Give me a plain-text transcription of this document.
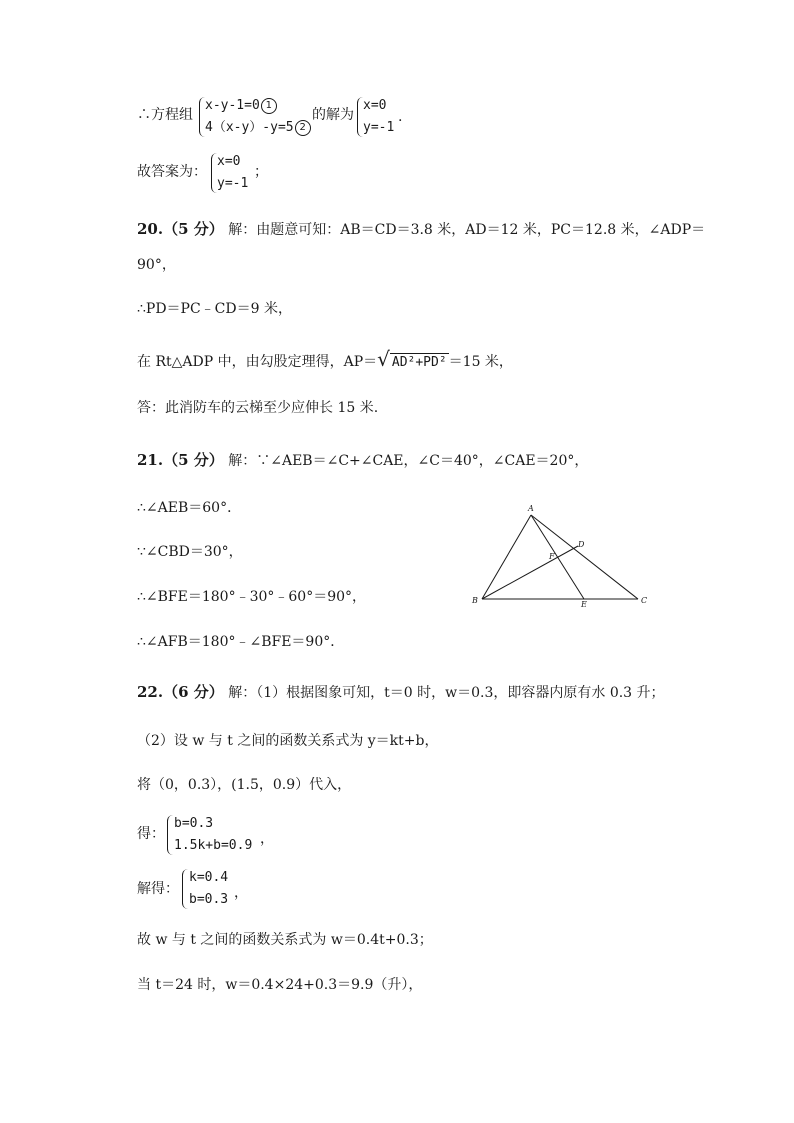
∴方程组
x-y-1=0 1
4（x-y）-y=5 2
的解为
x=0
y=-1
.
故答案为：
x=0
y=-1
；
20.（5 分） 解：由题意可知：AB＝CD＝3.8 米，AD＝12 米，PC＝12.8 米，∠ADP＝
90°，
∴PD＝PC﹣CD＝9 米，
在 Rt△ADP 中，由勾股定理得，AP＝√ AD²+PD² ＝15 米，
答：此消防车的云梯至少应伸长 15 米.
21.（5 分） 解：∵∠AEB＝∠C+∠CAE，∠C＝40°，∠CAE＝20°，
∴∠AEB＝60°．
∵∠CBD＝30°，
∴∠BFE＝180°﹣30°﹣60°＝90°，
∴∠AFB＝180°﹣∠BFE＝90°．
A
B	C
D
E
F
22.（6 分） 解：（1）根据图象可知，t＝0 时，w＝0.3，即容器内原有水 0.3 升；
（2）设 w 与 t 之间的函数关系式为 y＝kt+b，
将（0，0.3），(1.5，0.9）代入，
得：
b=0.3
1.5k+b=0.9 ，
解得：
k=0.4
b=0.3 ，
故 w 与 t 之间的函数关系式为 w＝0.4t+0.3；
当 t＝24 时，w＝0.4×24+0.3＝9.9（升），
